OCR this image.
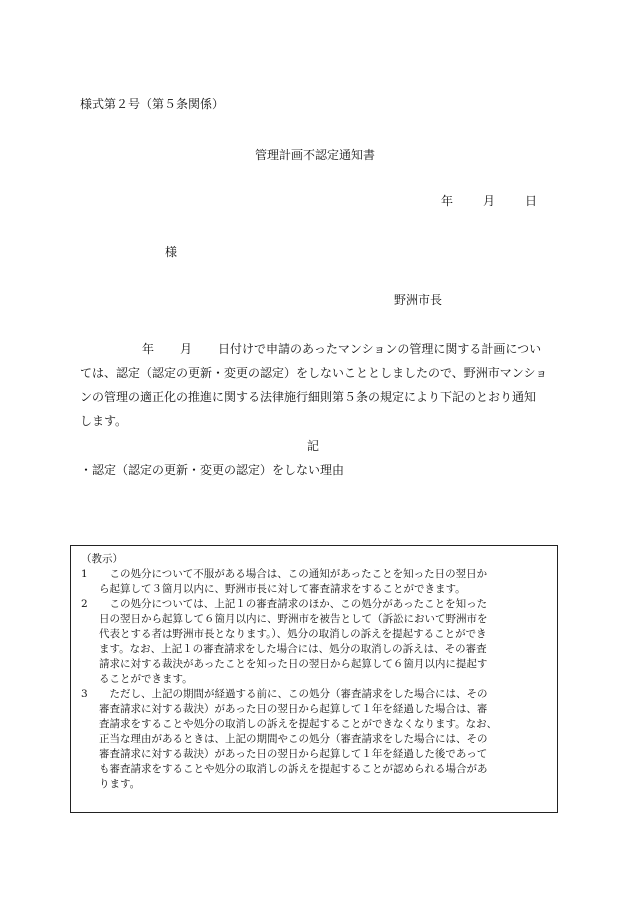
様式第２号（第５条関係）
管理計画不認定通知書
年	月	日
様
野洲市長
年 月 日付けで申請のあったマンションの管理に関する計画につい
ては、認定（認定の更新・変更の認定）をしないこととしましたので、野洲市マンショ
ンの管理の適正化の推進に関する法律施行細則第５条の規定により下記のとおり通知
します。
記
・認定（認定の更新・変更の認定）をしない理由
（教示）
1
　	この処分について不服がある場合は、この通知があったことを知った日の翌日か
ら起算して３箇月以内に、野洲市長に対して審査請求をすることができます。
2
　	この処分については、上記１の審査請求のほか、この処分があったことを知った
日の翌日から起算して６箇月以内に、野洲市を被告として（訴訟において野洲市を
代表とする者は野洲市長となります。）、処分の取消しの訴えを提起することができ
ます。なお、上記１の審査請求をした場合には、処分の取消しの訴えは、その審査
請求に対する裁決があったことを知った日の翌日から起算して６箇月以内に提起す
ることができます。
3
　	ただし、上記の期間が経過する前に、この処分（審査請求をした場合には、その
審査請求に対する裁決）があった日の翌日から起算して１年を経過した場合は、審
査請求をすることや処分の取消しの訴えを提起することができなくなります。なお、
正当な理由があるときは、上記の期間やこの処分（審査請求をした場合には、その
審査請求に対する裁決）があった日の翌日から起算して１年を経過した後であって
も審査請求をすることや処分の取消しの訴えを提起することが認められる場合があ
ります。
